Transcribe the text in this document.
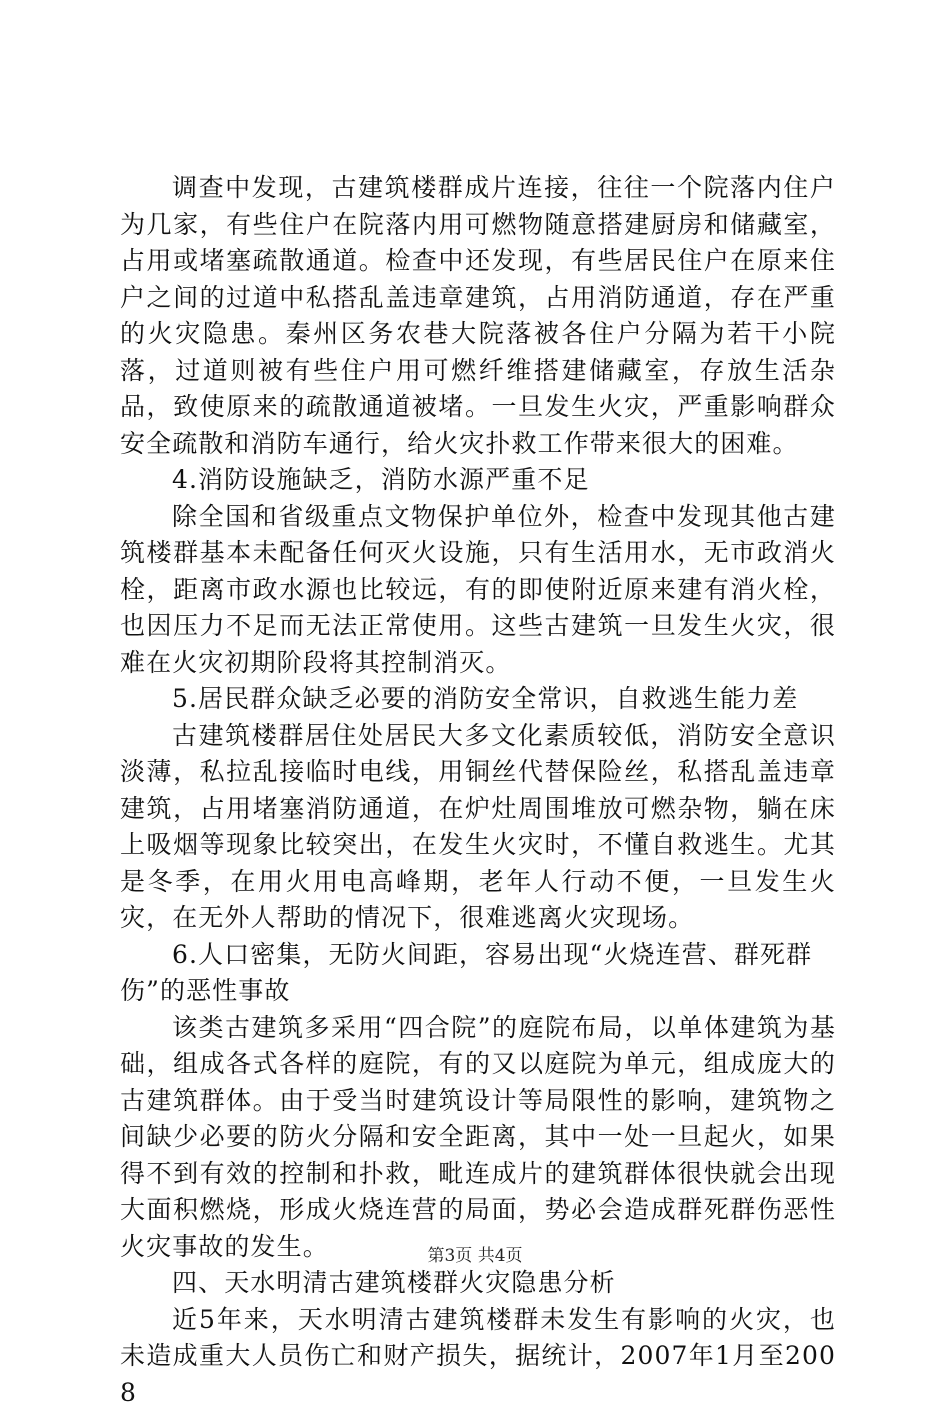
调查中发现，古建筑楼群成片连接，往往一个院落内住户为几家，有些住户在院落内用可燃物随意搭建厨房和储藏室，占用或堵塞疏散通道。检查中还发现，有些居民住户在原来住户之间的过道中私搭乱盖违章建筑，占用消防通道，存在严重的火灾隐患。秦州区务农巷大院落被各住户分隔为若干小院落，过道则被有些住户用可燃纤维搭建储藏室，存放生活杂品，致使原来的疏散通道被堵。一旦发生火灾，严重影响群众安全疏散和消防车通行，给火灾扑救工作带来很大的困难。

4.消防设施缺乏，消防水源严重不足

除全国和省级重点文物保护单位外，检查中发现其他古建筑楼群基本未配备任何灭火设施，只有生活用水，无市政消火栓，距离市政水源也比较远，有的即使附近原来建有消火栓，也因压力不足而无法正常使用。这些古建筑一旦发生火灾，很难在火灾初期阶段将其控制消灭。

5.居民群众缺乏必要的消防安全常识，自救逃生能力差

古建筑楼群居住处居民大多文化素质较低，消防安全意识淡薄，私拉乱接临时电线，用铜丝代替保险丝，私搭乱盖违章建筑，占用堵塞消防通道，在炉灶周围堆放可燃杂物，躺在床上吸烟等现象比较突出，在发生火灾时，不懂自救逃生。尤其是冬季，在用火用电高峰期，老年人行动不便，一旦发生火灾，在无外人帮助的情况下，很难逃离火灾现场。

6.人口密集，无防火间距，容易出现“火烧连营、群死群伤”的恶性事故

该类古建筑多采用“四合院”的庭院布局，以单体建筑为基础，组成各式各样的庭院，有的又以庭院为单元，组成庞大的古建筑群体。由于受当时建筑设计等局限性的影响，建筑物之间缺少必要的防火分隔和安全距离，其中一处一旦起火，如果得不到有效的控制和扑救，毗连成片的建筑群体很快就会出现大面积燃烧，形成火烧连营的局面，势必会造成群死群伤恶性火灾事故的发生。

四、天水明清古建筑楼群火灾隐患分析

近5年来，天水明清古建筑楼群未发生有影响的火灾，也未造成重大人员伤亡和财产损失，据统计，2007年1月至2008

第3页 共4页
